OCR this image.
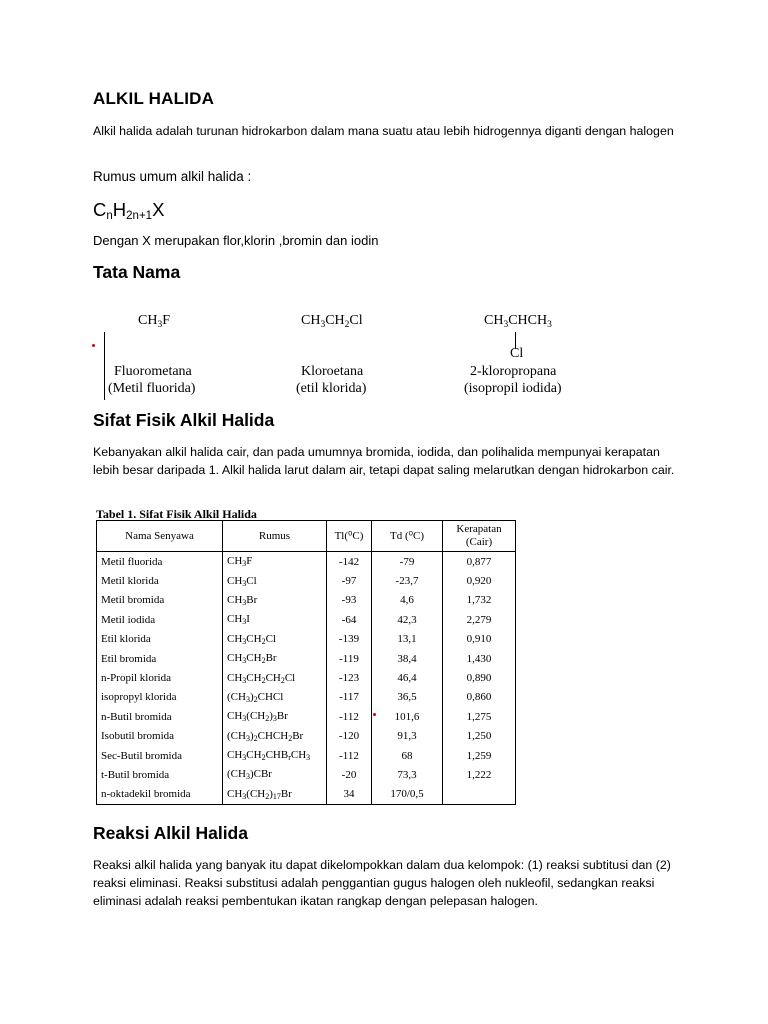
ALKIL HALIDA

Alkil halida adalah turunan hidrokarbon dalam mana suatu atau lebih hidrogennya diganti dengan halogen

Rumus umum alkil halida :

$C_nH_{2n+1}X$

Dengan X merupakan flor,klorin ,bromin dan iodin

Tata Nama
$CH_3F$
Fluorometana
(Metil fluorida)
$CH_3CH_2Cl$
Kloroetana
(etil klorida)
$CH_3CHCH_3$
Cl
2-kloropropana
(isopropil iodida)
Sifat Fisik Alkil Halida

Kebanyakan alkil halida cair, dan pada umumnya bromida, iodida, dan polihalida mempunyai kerapatan lebih besar daripada 1. Alkil halida larut dalam air, tetapi dapat saling melarutkan dengan hidrokarbon cair.

Tabel 1. Sifat Fisik Alkil Halida
Nama Senyawa	Rumus	Tl(⁰C)	Td (⁰C)	Kerapatan
(Cair)
Metil fluorida	$CH_3F$	-142	-79	0,877
Metil klorida	$CH_3Cl$	-97	-23,7	0,920
Metil bromida	$CH_3Br$	-93	4,6	1,732
Metil iodida	$CH_3I$	-64	42,3	2,279
Etil klorida	$CH_3CH_2Cl$	-139	13,1	0,910
Etil bromida	$CH_3CH_2Br$	-119	38,4	1,430
n-Propil klorida	$CH_3CH_2CH_2Cl$	-123	46,4	0,890
isopropyl klorida	$(CH_3)_2CHCl$	-117	36,5	0,860
n-Butil bromida	$CH_3(CH_2)_3Br$	-112	101,6	1,275
Isobutil bromida	$(CH_3)_2CHCH_2Br$	-120	91,3	1,250
Sec-Butil bromida	$CH_3CH_2CHB_rCH_3$	-112	68	1,259
t-Butil bromida	$(CH_3)CBr$	-20	73,3	1,222
n-oktadekil bromida	$CH_3(CH_2)_{17}Br$	34	170/0,5	
Reaksi Alkil Halida

Reaksi alkil halida yang banyak itu dapat dikelompokkan dalam dua kelompok: (1) reaksi subtitusi dan (2) reaksi eliminasi. Reaksi substitusi adalah penggantian gugus halogen oleh nukleofil, sedangkan reaksi eliminasi adalah reaksi pembentukan ikatan rangkap dengan pelepasan halogen.
